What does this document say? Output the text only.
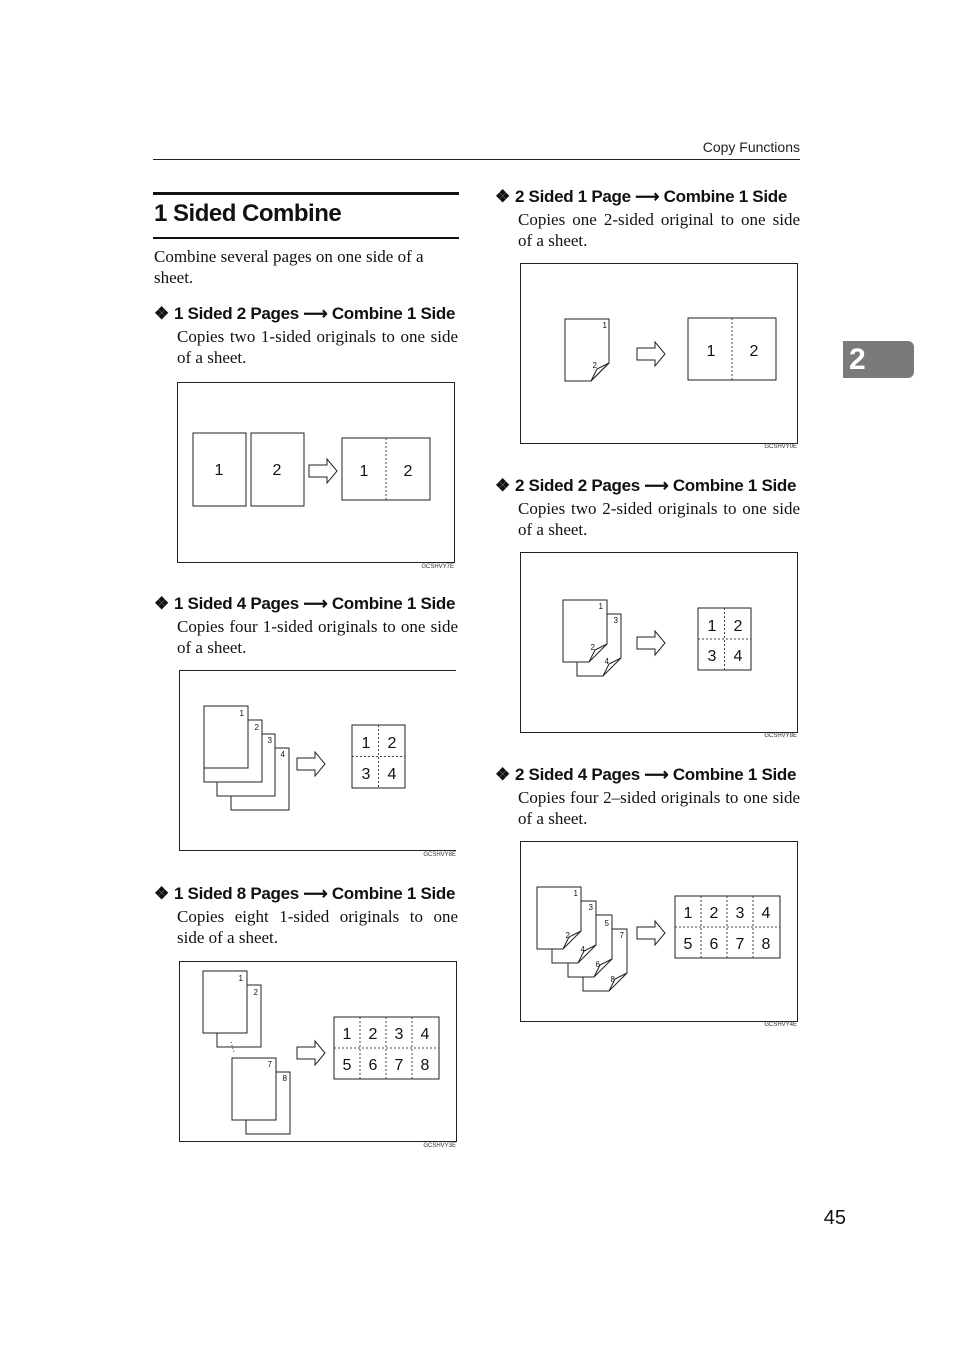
Copy Functions
2
1 Sided Combine
Combine several pages on one side of a sheet.
❖ 1 Sided 2 Pages ⟶ Combine 1 Side
Copies two 1-sided originals to one side of a sheet.
1	2	1 2
GCSHVY7E
❖ 1 Sided 4 Pages ⟶ Combine 1 Side
Copies four 1-sided originals to one side of a sheet.
4
3
2
1
1 2
3 4
GCSHVY8E
❖ 1 Sided 8 Pages ⟶ Combine 1 Side
Copies eight 1-sided originals to one side of a sheet.
2
1
8
7
1 2 3 4
5 6 7 8
GCSHVY3E
❖ 2 Sided 1 Page ⟶ Combine 1 Side
Copies one 2-sided original to one side of a sheet.
1
2
1 2
GCSHVY0E
❖ 2 Sided 2 Pages ⟶ Combine 1 Side
Copies two 2-sided originals to one side of a sheet.
3
4
1
2
1 2
3 4
GCSHVY8E
❖ 2 Sided 4 Pages ⟶ Combine 1 Side
Copies four 2–sided originals to one side of a sheet.
7
8
5
6
3
4
1
2
1 2 3 4
5 6 7 8
GCSHVY4E
45
